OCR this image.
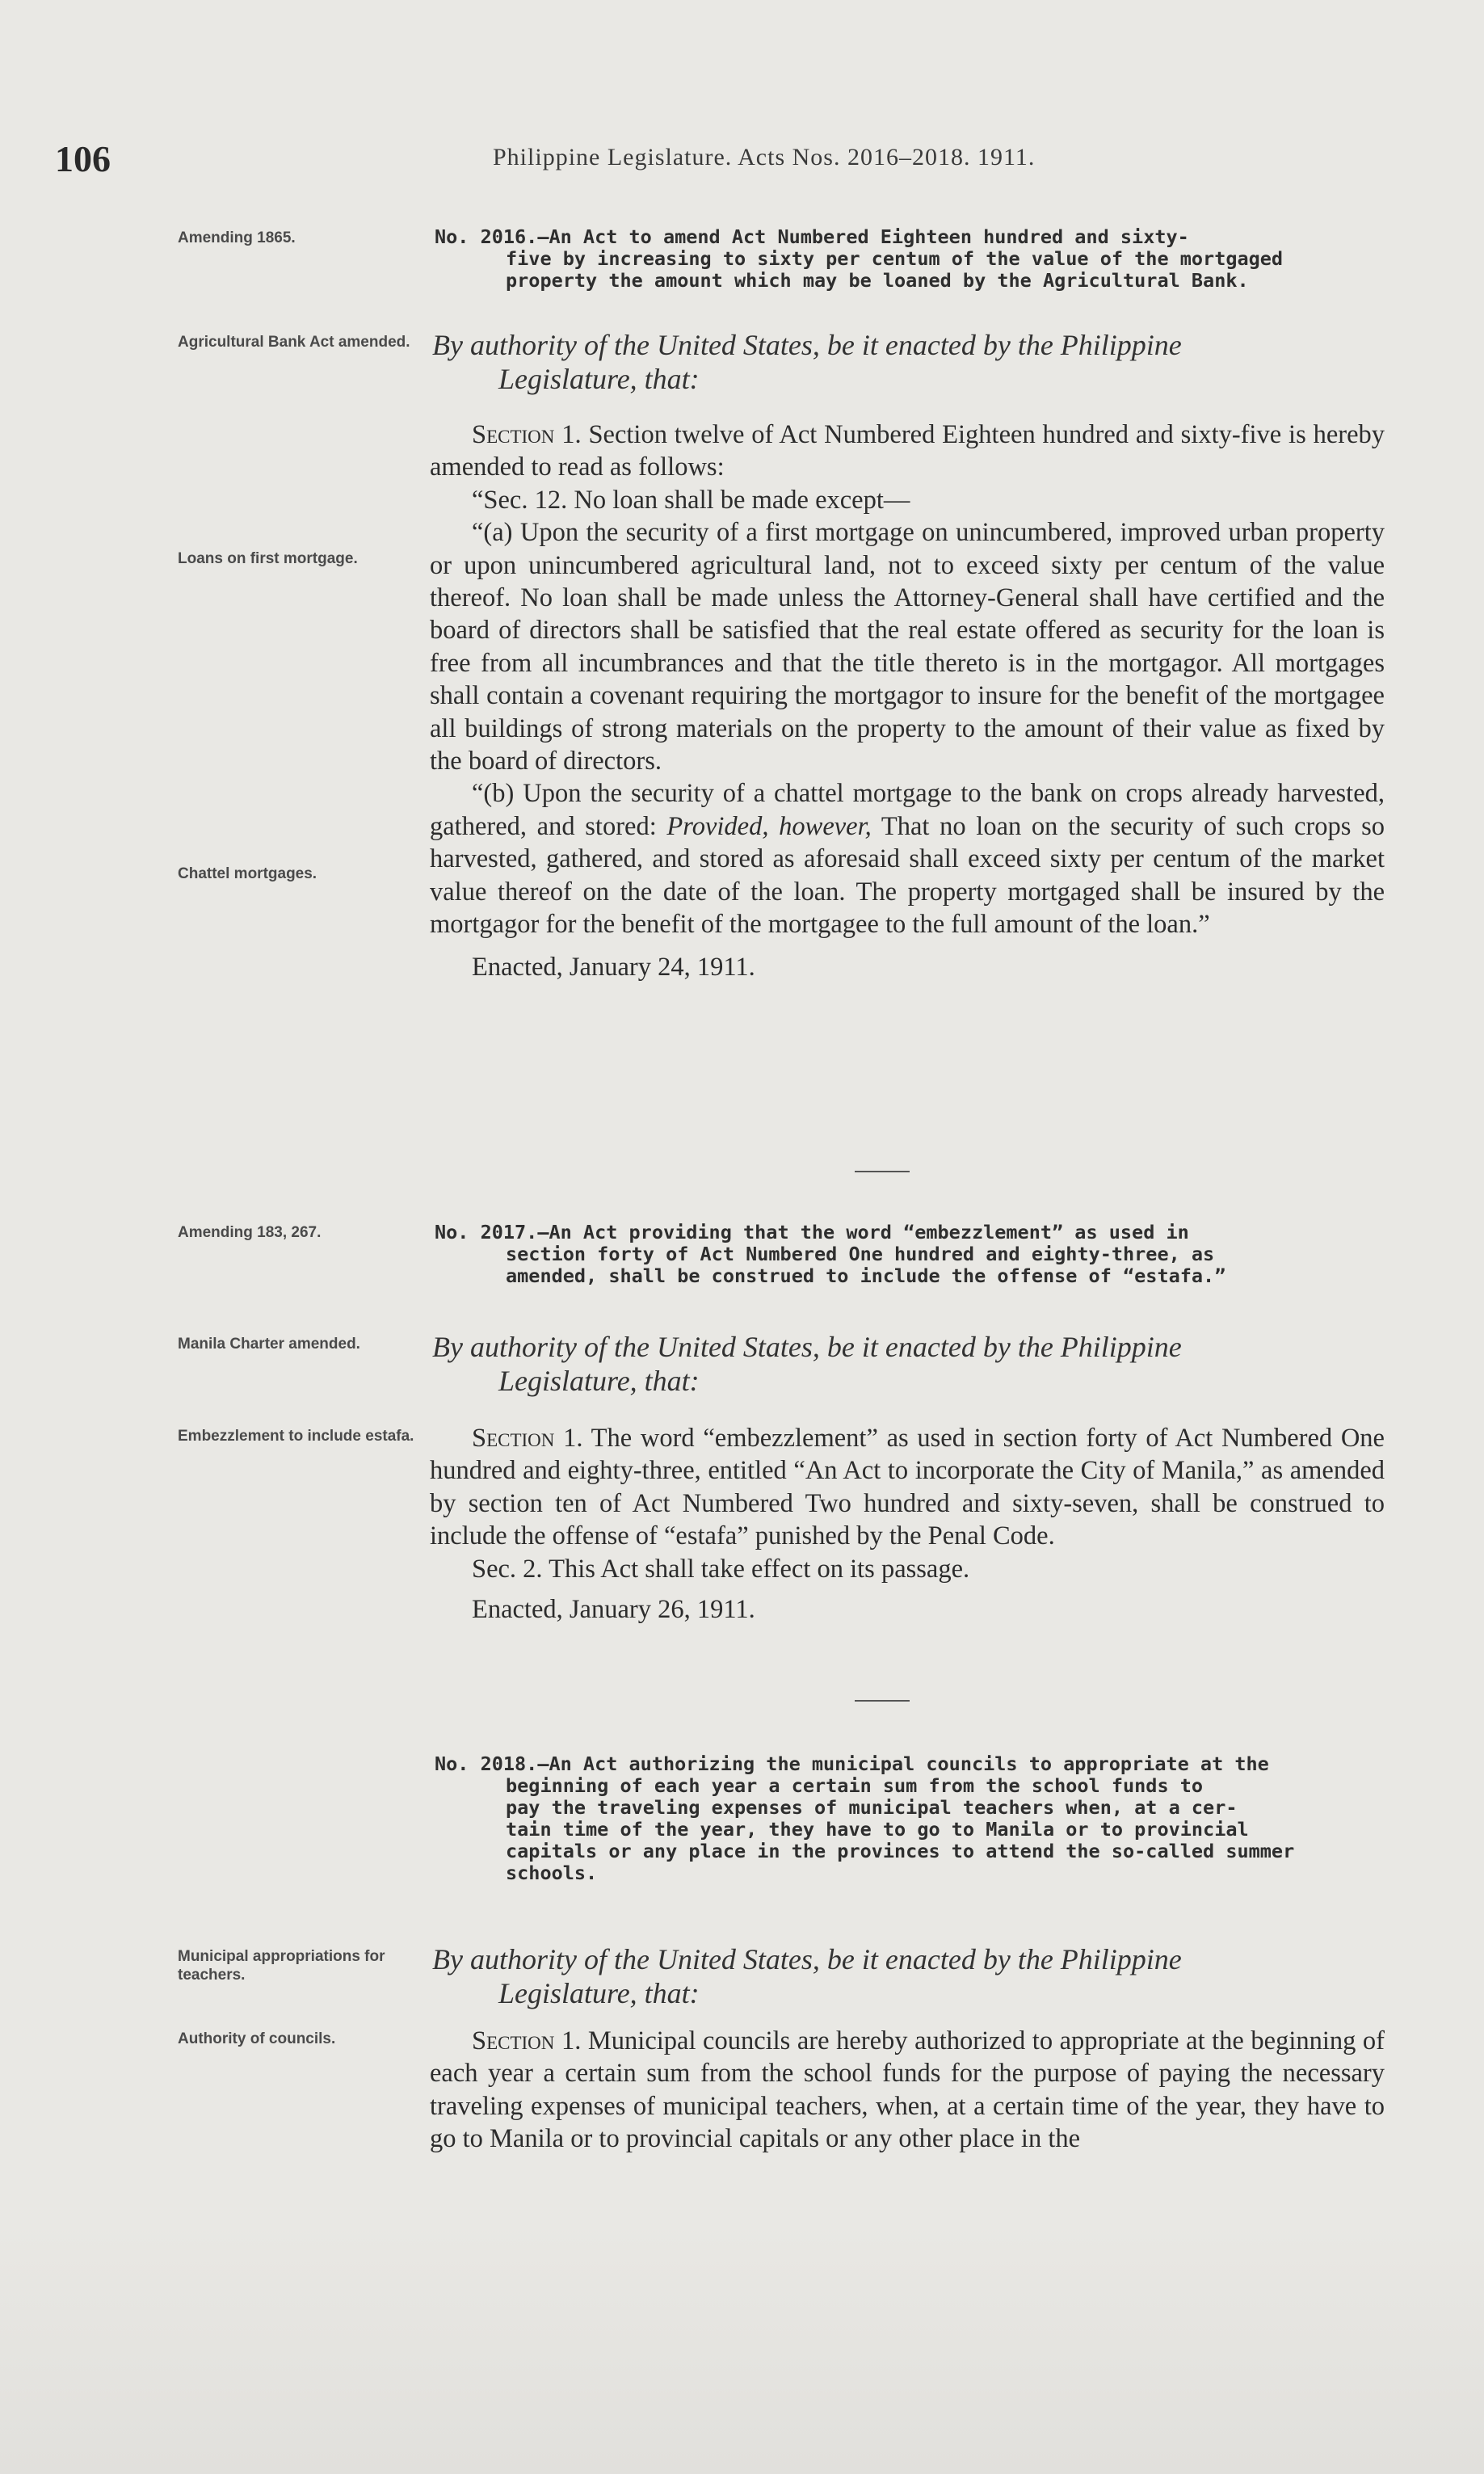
106	Philippine Legislature. Acts Nos. 2016–2018. 1911.
Amending 1865.	No. 2016.—An Act to amend Act Numbered Eighteen hundred and sixty-
five by increasing to sixty per centum of the value of the mortgaged
property the amount which may be loaned by the Agricultural Bank.
Agricultural Bank Act amended. By authority of the United States, be it enacted by the Philippine
Legislature, that:

Section 1. Section twelve of Act Numbered Eighteen hundred and sixty-five is hereby amended to read as follows:

“Sec. 12. No loan shall be made except—

“(a) Upon the security of a first mortgage on unincumbered, improved urban property or upon unincumbered agricultural land, not to exceed sixty per centum of the value thereof. No loan shall be made unless the Attorney-General shall have certified and the board of directors shall be satisfied that the real estate offered as security for the loan is free from all incumbrances and that the title thereto is in the mortgagor. All mortgages shall contain a covenant requiring the mortgagor to insure for the benefit of the mortgagee all buildings of strong materials on the property to the amount of their value as fixed by the board of directors.

“(b) Upon the security of a chattel mortgage to the bank on crops already harvested, gathered, and stored: Provided, however, That no loan on the security of such crops so harvested, gathered, and stored as aforesaid shall exceed sixty per centum of the market value thereof on the date of the loan. The property mortgaged shall be insured by the mortgagor for the benefit of the mortgagee to the full amount of the loan.”

Enacted, January 24, 1911.

Loans on first mortgage.
Chattel mortgages.
Amending 183, 267.	No. 2017.—An Act providing that the word “embezzlement” as used in
section forty of Act Numbered One hundred and eighty-three, as
amended, shall be construed to include the offense of “estafa.”
Manila Charter amended.	By authority of the United States, be it enacted by the Philippine
Legislature, that:
Embezzlement to include estafa.	Section 1. The word “embezzlement” as used in section forty of Act Numbered One hundred and eighty-three, entitled “An Act to incorporate the City of Manila,” as amended by section ten of Act Numbered Two hundred and sixty-seven, shall be construed to include the offense of “estafa” punished by the Penal Code.

Sec. 2. This Act shall take effect on its passage.

Enacted, January 26, 1911.

No. 2018.—An Act authorizing the municipal councils to appropriate at the
beginning of each year a certain sum from the school funds to
pay the traveling expenses of municipal teachers when, at a cer-
tain time of the year, they have to go to Manila or to provincial
capitals or any place in the provinces to attend the so-called summer
schools.
Municipal appropriations for teachers.	By authority of the United States, be it enacted by the Philippine
Legislature, that:
Authority of councils.	Section 1. Municipal councils are hereby authorized to appropriate at the beginning of each year a certain sum from the school funds for the purpose of paying the necessary traveling expenses of municipal teachers, when, at a certain time of the year, they have to go to Manila or to provincial capitals or any other place in the
